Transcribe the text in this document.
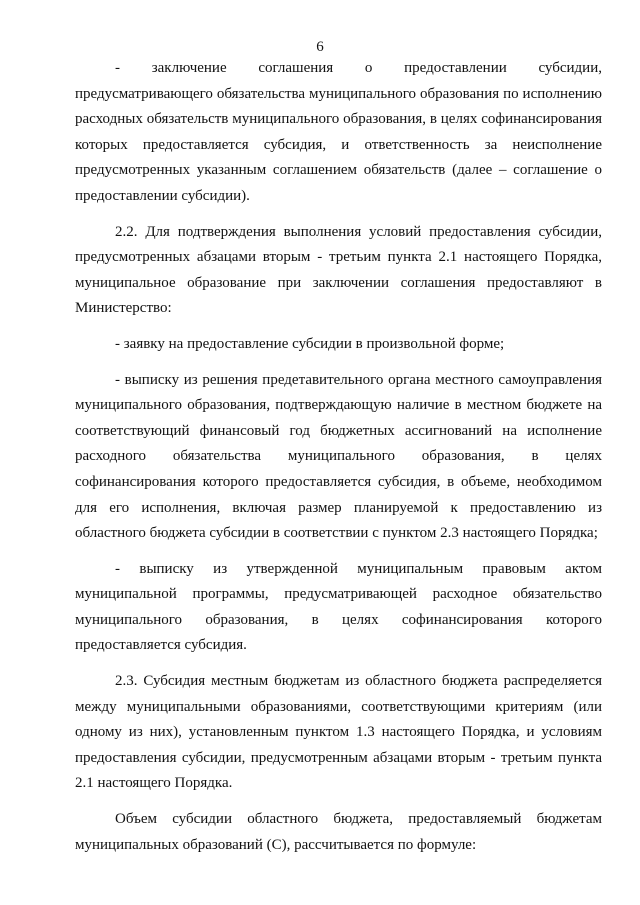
6

- заключение соглашения о предоставлении субсидии, предусматривающего обязательства муниципального образования по исполнению расходных обязательств муниципального образования, в целях софинансирования которых предоставляется субсидия, и ответственность за неисполнение предусмотренных указанным соглашением обязательств (далее – соглашение о предоставлении субсидии).

2.2. Для подтверждения выполнения условий предоставления субсидии, предусмотренных абзацами вторым - третьим пункта 2.1 настоящего Порядка, муниципальное образование при заключении соглашения предоставляют в Министерство:

- заявку на предоставление субсидии в произвольной форме;

- выписку из решения предетавительного органа местного самоуправления муниципального образования, подтверждающую наличие в местном бюджете на соответствующий финансовый год бюджетных ассигнований на исполнение расходного обязательства муниципального образования, в целях софинансирования которого предоставляется субсидия, в объеме, необходимом для его исполнения, включая размер планируемой к предоставлению из областного бюджета субсидии в соответствии с пунктом 2.3 настоящего Порядка;

- выписку из утвержденной муниципальным правовым актом муниципальной программы, предусматривающей расходное обязательство муниципального образования, в целях софинансирования которого предоставляется субсидия.

2.3. Субсидия местным бюджетам из областного бюджета распределяется между муниципальными образованиями, соответствующими критериям (или одному из них), установленным пунктом 1.3 настоящего Порядка, и условиям предоставления субсидии, предусмотренным абзацами вторым - третьим пункта 2.1 настоящего Порядка.

Объем субсидии областного бюджета, предоставляемый бюджетам муниципальных образований (С), рассчитывается по формуле:
